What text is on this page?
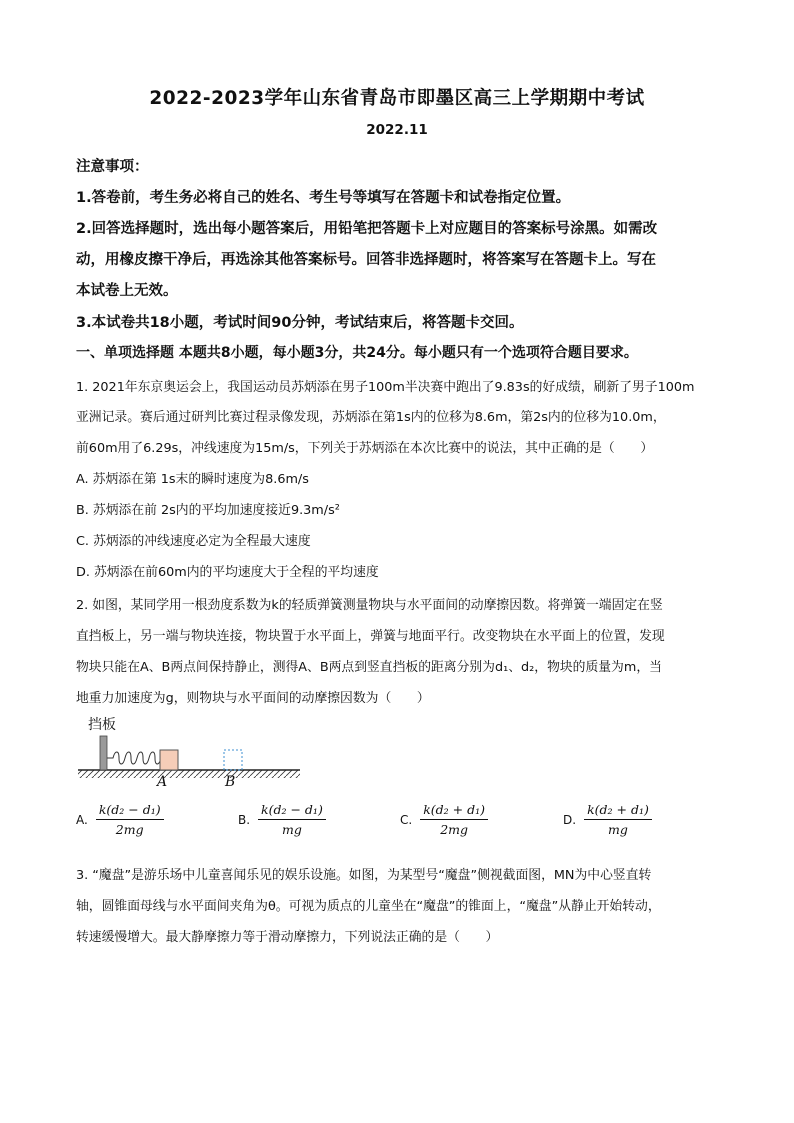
2022-2023学年山东省青岛市即墨区高三上学期期中考试
2022.11
注意事项：
1.答卷前，考生务必将自己的姓名、考生号等填写在答题卡和试卷指定位置。
2.回答选择题时，选出每小题答案后，用铅笔把答题卡上对应题目的答案标号涂黑。如需改
动，用橡皮擦干净后，再选涂其他答案标号。回答非选择题时，将答案写在答题卡上。写在
本试卷上无效。
3.本试卷共18小题，考试时间90分钟，考试结束后，将答题卡交回。
一、单项选择题 本题共8小题，每小题3分，共24分。每小题只有一个选项符合题目要求。
1. 2021年东京奥运会上，我国运动员苏炳添在男子100m半决赛中跑出了9.83s的好成绩，刷新了男子100m
亚洲记录。赛后通过研判比赛过程录像发现，苏炳添在第1s内的位移为8.6m，第2s内的位移为10.0m，
前60m用了6.29s，冲线速度为15m/s，下列关于苏炳添在本次比赛中的说法，其中正确的是（　　）
A. 苏炳添在第 1s末的瞬时速度为8.6m/s
B. 苏炳添在前 2s内的平均加速度接近9.3m/s²
C. 苏炳添的冲线速度必定为全程最大速度
D. 苏炳添在前60m内的平均速度大于全程的平均速度
2. 如图，某同学用一根劲度系数为k的轻质弹簧测量物块与水平面间的动摩擦因数。将弹簧一端固定在竖
直挡板上，另一端与物块连接，物块置于水平面上，弹簧与地面平行。改变物块在水平面上的位置，发现
物块只能在A、B两点间保持静止，测得A、B两点到竖直挡板的距离分别为d₁、d₂，物块的质量为m，当
地重力加速度为g，则物块与水平面间的动摩擦因数为（　　）
挡板
A	B
A. $\frac{\text{k(d₂ − d₁)}}{2mg}$	B. $\frac{\text{k(d₂ − d₁)}}{mg}$	C. $\frac{\text{k(d₂ + d₁)}}{2mg}$	D. $\frac{\text{k(d₂ + d₁)}}{mg}$
3. “魔盘”是游乐场中儿童喜闻乐见的娱乐设施。如图，为某型号“魔盘”侧视截面图，MN为中心竖直转
轴，圆锥面母线与水平面间夹角为θ。可视为质点的儿童坐在“魔盘”的锥面上，“魔盘”从静止开始转动，
转速缓慢增大。最大静摩擦力等于滑动摩擦力，下列说法正确的是（　　）
